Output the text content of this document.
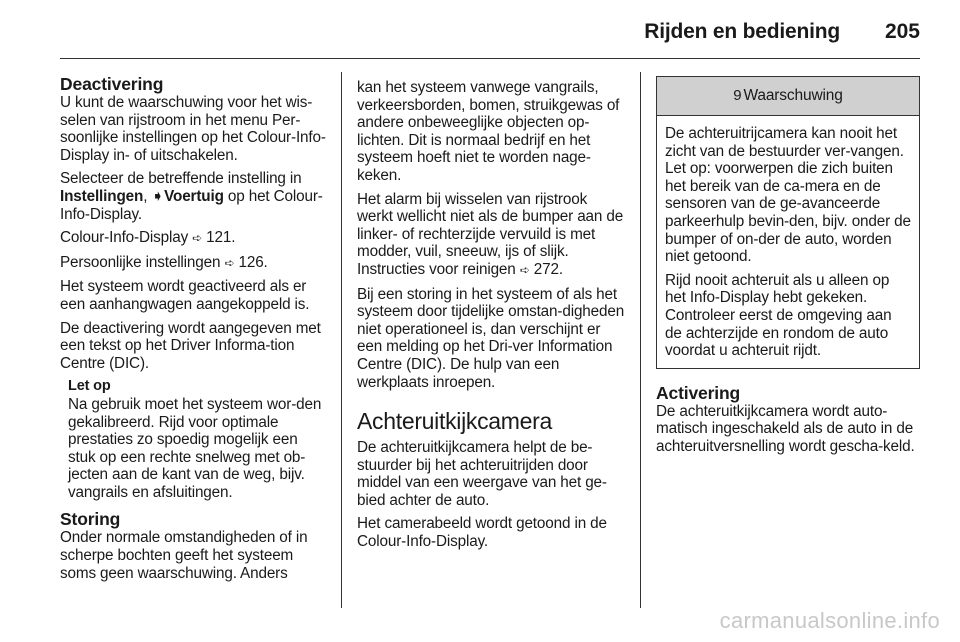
Rijden en bediening 205
Deactivering

U kunt de waarschuwing voor het wis-selen van rijstroom in het menu Per-soonlijke instellingen op het Colour-Info-Display in- of uitschakelen.

Selecteer de betreffende instelling in Instellingen, ➧Voertuig op het Colour-Info-Display.

Colour-Info-Display ➪ 121.

Persoonlijke instellingen ➪ 126.

Het systeem wordt geactiveerd als er een aanhangwagen aangekoppeld is.

De deactivering wordt aangegeven met een tekst op het Driver Informa-tion Centre (DIC).

Let op
Na gebruik moet het systeem wor-den gekalibreerd. Rijd voor optimale prestaties zo spoedig mogelijk een stuk op een rechte snelweg met ob-jecten aan de kant van de weg, bijv. vangrails en afsluitingen.
Storing

Onder normale omstandigheden of in scherpe bochten geeft het systeem soms geen waarschuwing. Anders

kan het systeem vanwege vangrails, verkeersborden, bomen, struikgewas of andere onbeweeglijke objecten op-lichten. Dit is normaal bedrijf en het systeem hoeft niet te worden nage-keken.

Het alarm bij wisselen van rijstrook werkt wellicht niet als de bumper aan de linker- of rechterzijde vervuild is met modder, vuil, sneeuw, ijs of slijk. Instructies voor reinigen ➪ 272.

Bij een storing in het systeem of als het systeem door tijdelijke omstan-digheden niet operationeel is, dan verschijnt er een melding op het Dri-ver Information Centre (DIC). De hulp van een werkplaats inroepen.

Achteruitkijkcamera

De achteruitkijkcamera helpt de be-stuurder bij het achteruitrijden door middel van een weergave van het ge-bied achter de auto.

Het camerabeeld wordt getoond in de Colour-Info-Display.

9 Waarschuwing

De achteruitrijcamera kan nooit het zicht van de bestuurder ver-vangen. Let op: voorwerpen die zich buiten het bereik van de ca-mera en de sensoren van de ge-avanceerde parkeerhulp bevin-den, bijv. onder de bumper of on-der de auto, worden niet getoond.

Rijd nooit achteruit als u alleen op het Info-Display hebt gekeken. Controleer eerst de omgeving aan de achterzijde en rondom de auto voordat u achteruit rijdt.

Activering

De achteruitkijkcamera wordt auto-matisch ingeschakeld als de auto in de achteruitversnelling wordt gescha-keld.

carmanualsonline.info
